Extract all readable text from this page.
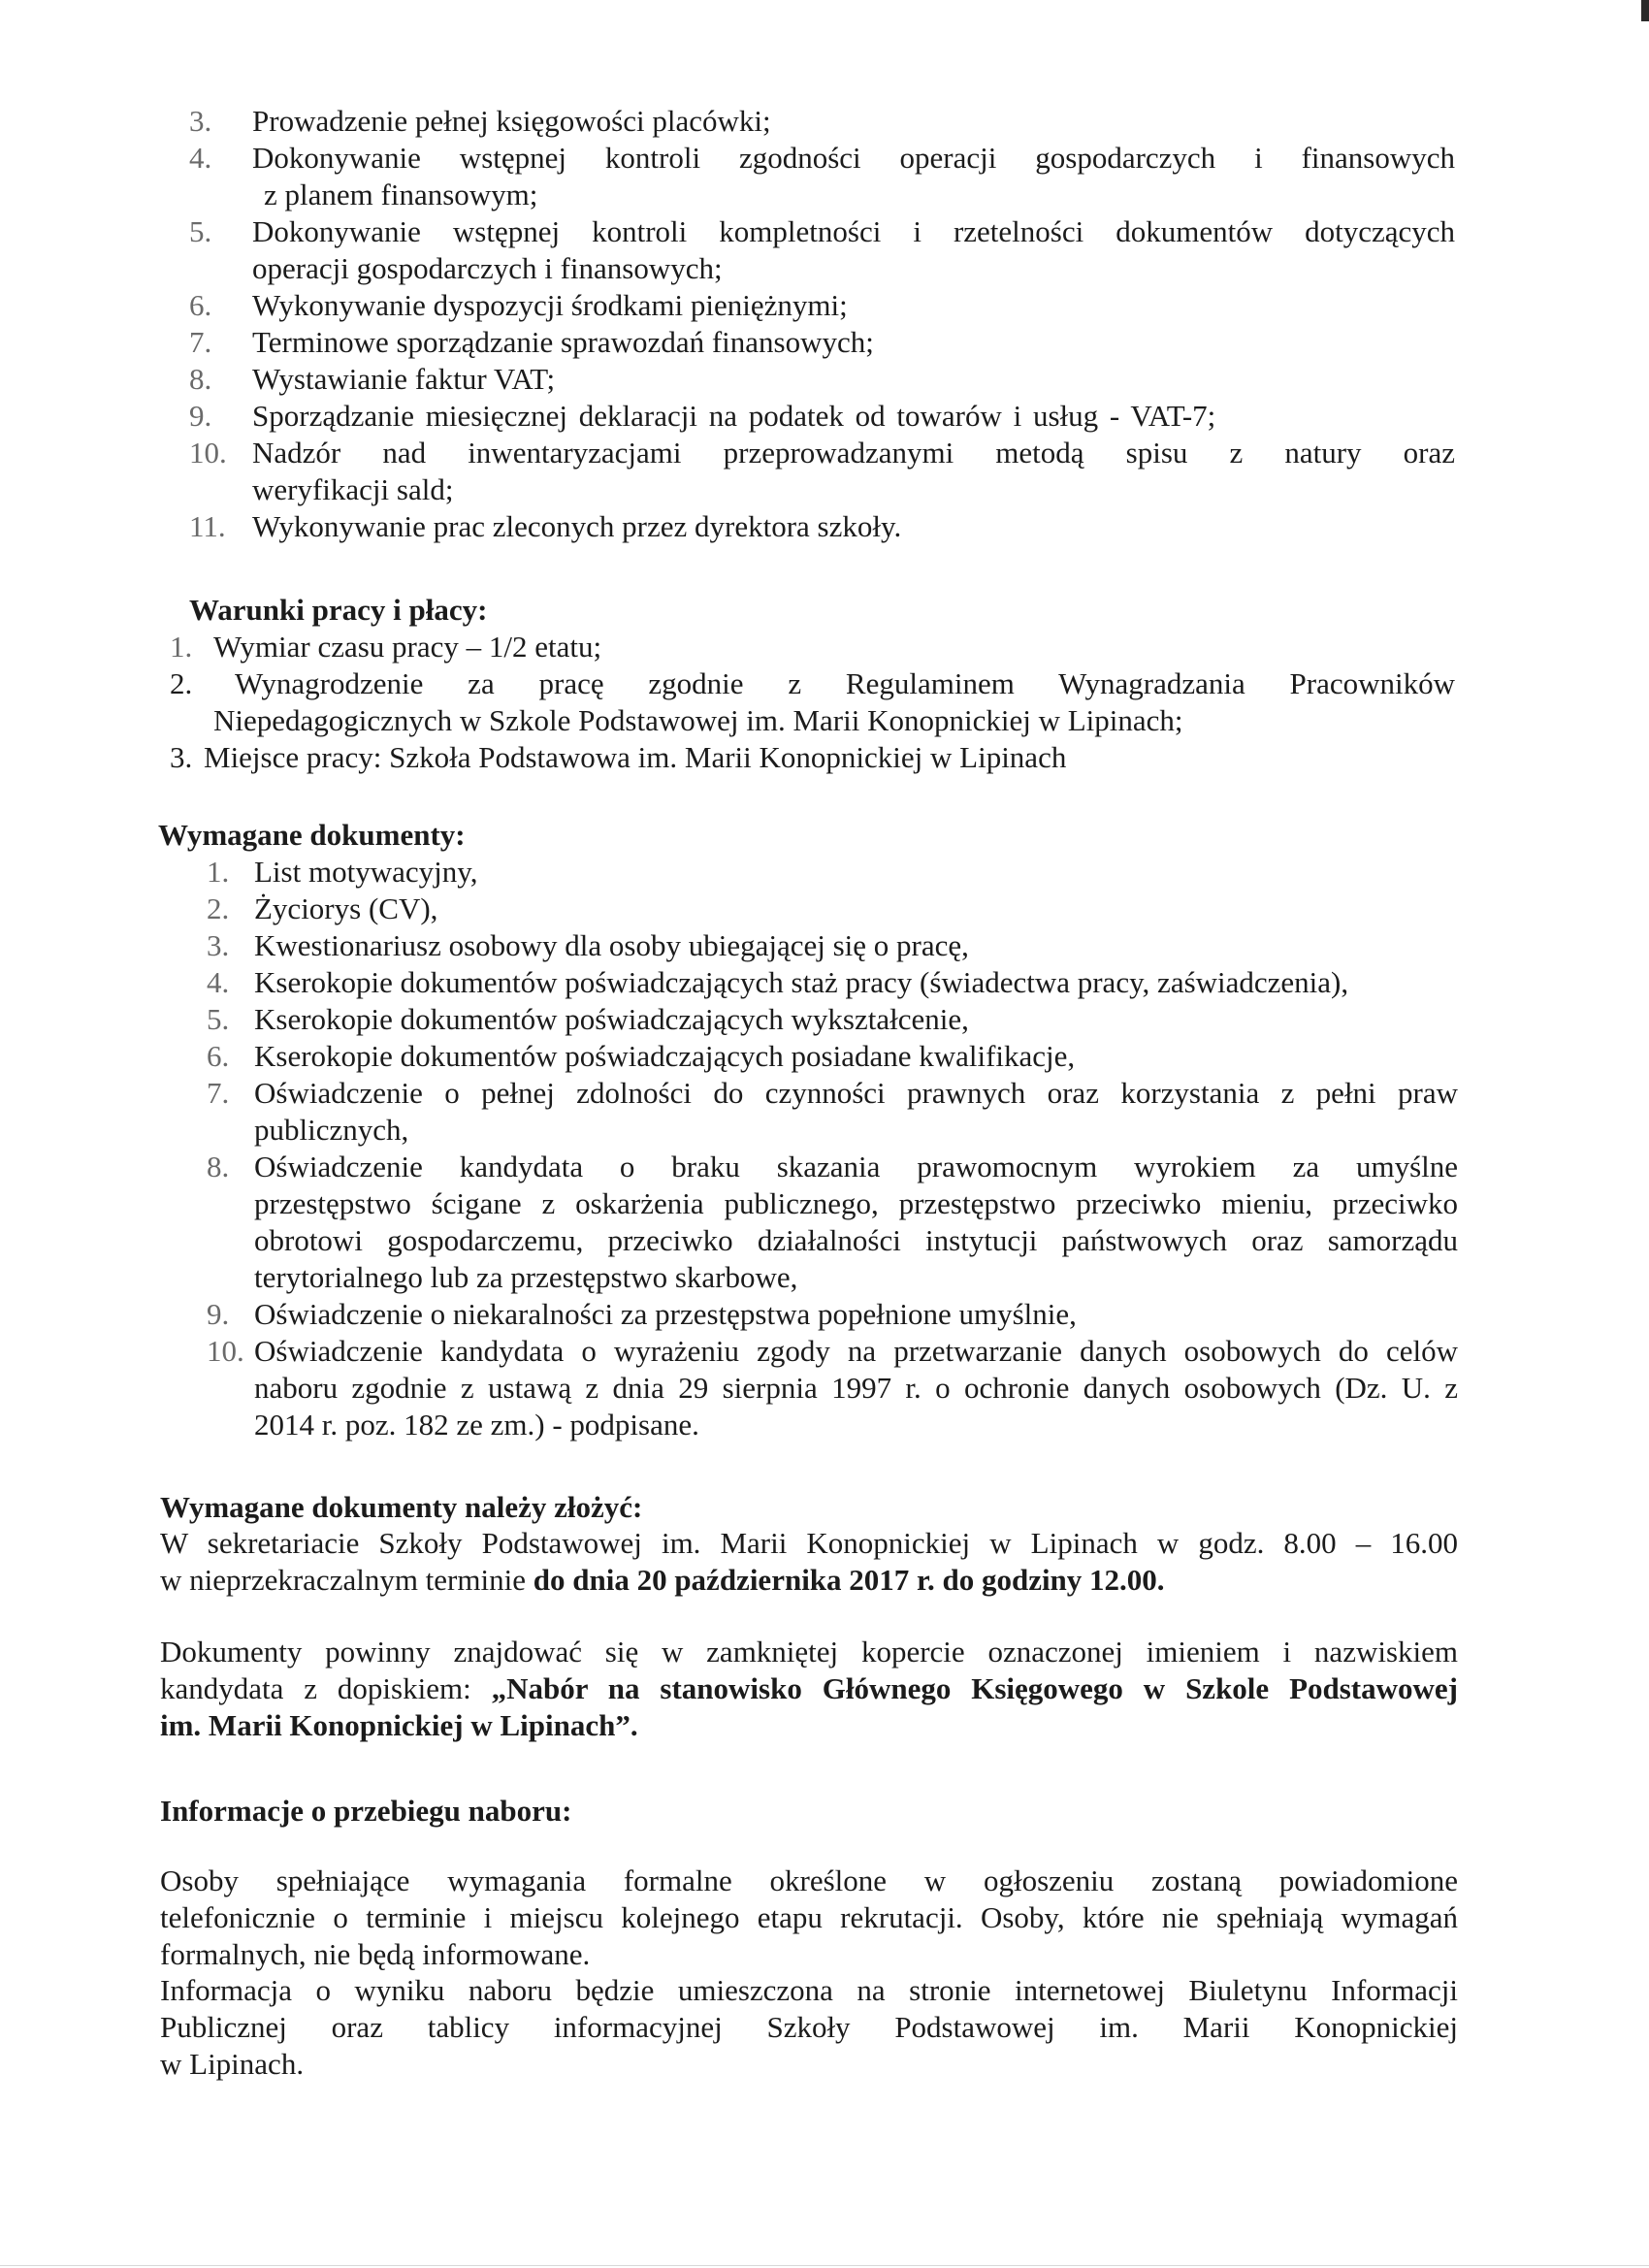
3. Prowadzenie pełnej księgowości placówki;
4. Dokonywanie wstępnej kontroli zgodności operacji gospodarczych i finansowych
z planem finansowym;
5. Dokonywanie wstępnej kontroli kompletności i rzetelności dokumentów dotyczących
operacji gospodarczych i finansowych;
6. Wykonywanie dyspozycji środkami pieniężnymi;
7. Terminowe sporządzanie sprawozdań finansowych;
8. Wystawianie faktur VAT;
9. Sporządzanie miesięcznej deklaracji na podatek od towarów i usług - VAT-7;
10. Nadzór nad inwentaryzacjami przeprowadzanymi metodą spisu z natury oraz
weryfikacji sald;
11. Wykonywanie prac zleconych przez dyrektora szkoły.
Warunki pracy i płacy:
1. Wymiar czasu pracy – 1/2 etatu;
2.	Wynagrodzenie za pracę zgodnie z Regulaminem Wynagradzania Pracowników
Niepedagogicznych w Szkole Podstawowej im. Marii Konopnickiej w Lipinach;
3. Miejsce pracy: Szkoła Podstawowa im. Marii Konopnickiej w Lipinach
Wymagane dokumenty:
1. List motywacyjny,
2. Życiorys (CV),
3. Kwestionariusz osobowy dla osoby ubiegającej się o pracę,
4. Kserokopie dokumentów poświadczających staż pracy (świadectwa pracy, zaświadczenia),
5. Kserokopie dokumentów poświadczających wykształcenie,
6. Kserokopie dokumentów poświadczających posiadane kwalifikacje,
7. Oświadczenie o pełnej zdolności do czynności prawnych oraz korzystania z pełni praw
publicznych,
8. Oświadczenie kandydata o braku skazania prawomocnym wyrokiem za umyślne
przestępstwo ścigane z oskarżenia publicznego, przestępstwo przeciwko mieniu, przeciwko
obrotowi gospodarczemu, przeciwko działalności instytucji państwowych oraz samorządu
terytorialnego lub za przestępstwo skarbowe,
9. Oświadczenie o niekaralności za przestępstwa popełnione umyślnie,
10. Oświadczenie kandydata o wyrażeniu zgody na przetwarzanie danych osobowych do celów
naboru zgodnie z ustawą z dnia 29 sierpnia 1997 r. o ochronie danych osobowych (Dz. U. z
2014 r. poz. 182 ze zm.) - podpisane.
Wymagane dokumenty należy złożyć:
W sekretariacie Szkoły Podstawowej im. Marii Konopnickiej w Lipinach w godz. 8.00 – 16.00
w nieprzekraczalnym terminie do dnia 20 października 2017 r. do godziny 12.00.
Dokumenty powinny znajdować się w zamkniętej kopercie oznaczonej imieniem i nazwiskiem
kandydata z dopiskiem: „Nabór na stanowisko Głównego Księgowego w Szkole Podstawowej
im. Marii Konopnickiej w Lipinach”.
Informacje o przebiegu naboru:
Osoby spełniające wymagania formalne określone w ogłoszeniu zostaną powiadomione
telefonicznie o terminie i miejscu kolejnego etapu rekrutacji. Osoby, które nie spełniają wymagań
formalnych, nie będą informowane.
Informacja o wyniku naboru będzie umieszczona na stronie internetowej Biuletynu Informacji
Publicznej oraz tablicy informacyjnej Szkoły Podstawowej im. Marii Konopnickiej
w Lipinach.
